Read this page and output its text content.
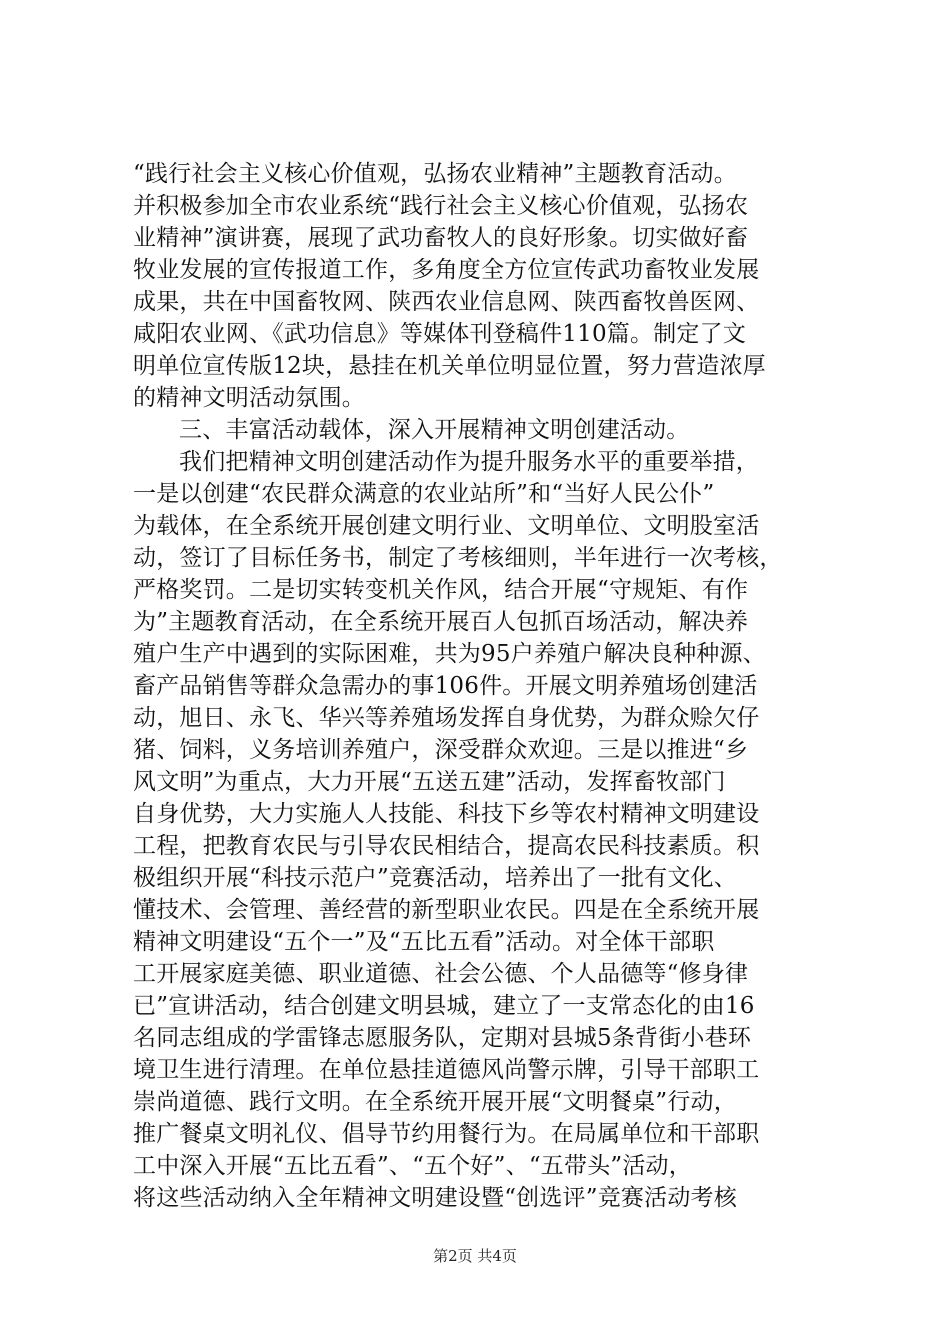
“践行社会主义核心价值观，弘扬农业精神”主题教育活动。
并积极参加全市农业系统“践行社会主义核心价值观，弘扬农
业精神”演讲赛，展现了武功畜牧人的良好形象。切实做好畜
牧业发展的宣传报道工作，多角度全方位宣传武功畜牧业发展
成果，共在中国畜牧网、陕西农业信息网、陕西畜牧兽医网、
咸阳农业网、《武功信息》等媒体刊登稿件110篇。制定了文
明单位宣传版12块，悬挂在机关单位明显位置，努力营造浓厚
的精神文明活动氛围。
三、丰富活动载体，深入开展精神文明创建活动。
我们把精神文明创建活动作为提升服务水平的重要举措，
一是以创建“农民群众满意的农业站所”和“当好人民公仆”
为载体，在全系统开展创建文明行业、文明单位、文明股室活
动，签订了目标任务书，制定了考核细则，半年进行一次考核，
严格奖罚。二是切实转变机关作风，结合开展“守规矩、有作
为”主题教育活动，在全系统开展百人包抓百场活动，解决养
殖户生产中遇到的实际困难，共为95户养殖户解决良种种源、
畜产品销售等群众急需办的事106件。开展文明养殖场创建活
动，旭日、永飞、华兴等养殖场发挥自身优势，为群众赊欠仔
猪、饲料，义务培训养殖户，深受群众欢迎。三是以推进“乡
风文明”为重点，大力开展“五送五建”活动，发挥畜牧部门
自身优势，大力实施人人技能、科技下乡等农村精神文明建设
工程，把教育农民与引导农民相结合，提高农民科技素质。积
极组织开展“科技示范户”竞赛活动，培养出了一批有文化、
懂技术、会管理、善经营的新型职业农民。四是在全系统开展
精神文明建设“五个一”及“五比五看”活动。对全体干部职
工开展家庭美德、职业道德、社会公德、个人品德等“修身律
已”宣讲活动，结合创建文明县城，建立了一支常态化的由16
名同志组成的学雷锋志愿服务队，定期对县城5条背街小巷环
境卫生进行清理。在单位悬挂道德风尚警示牌，引导干部职工
崇尚道德、践行文明。在全系统开展开展“文明餐桌”行动，
推广餐桌文明礼仪、倡导节约用餐行为。在局属单位和干部职
工中深入开展“五比五看”、“五个好”、“五带头”活动，
将这些活动纳入全年精神文明建设暨“创选评”竞赛活动考核
第2页 共4页
